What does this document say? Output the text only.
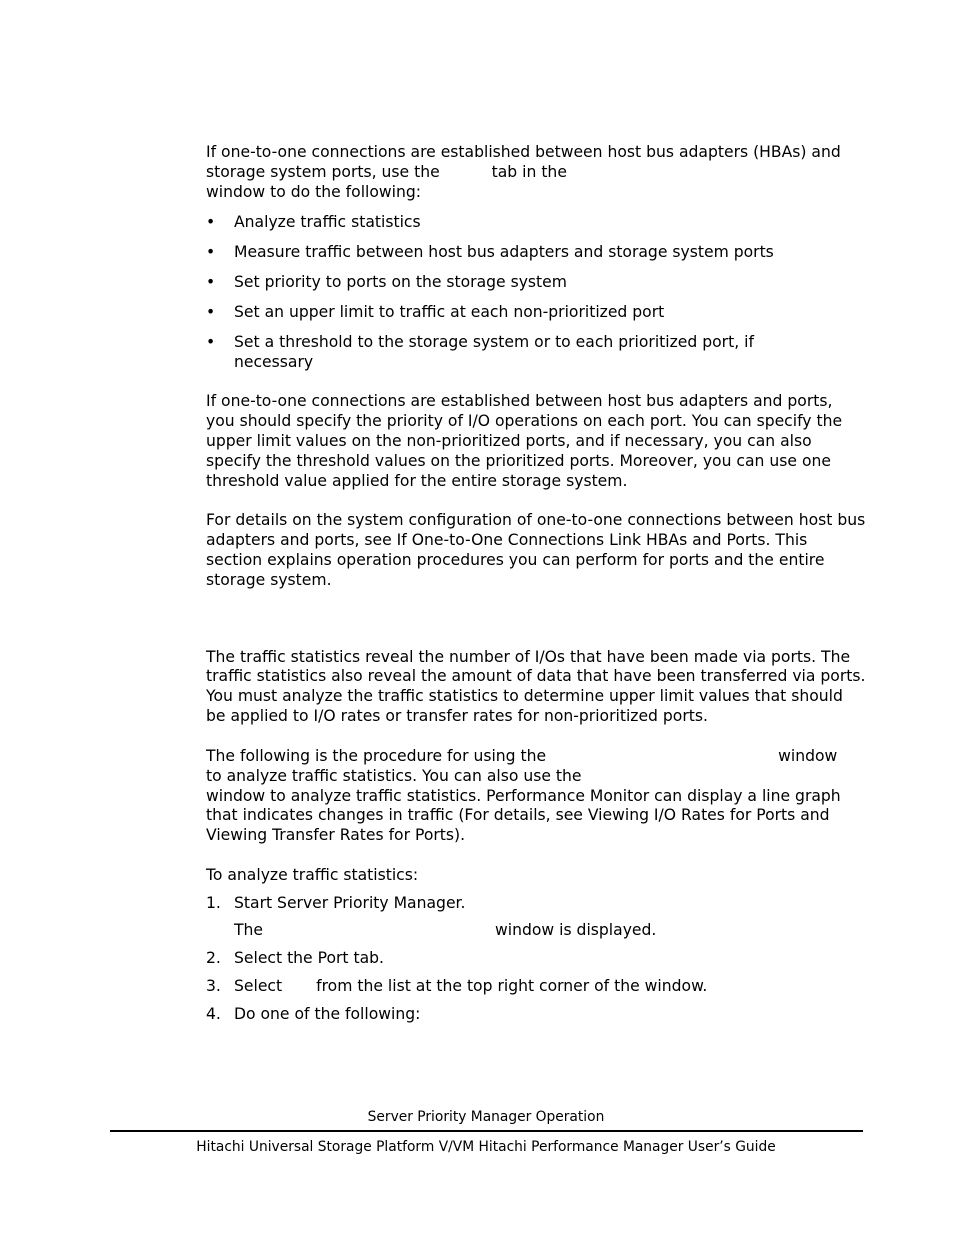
If one-to-one connections are established between host bus adapters (HBAs) and storage system ports, use the	tab in the
window to do the following:

• Analyze traffic statistics
• Measure traffic between host bus adapters and storage system ports
• Set priority to ports on the storage system
• Set an upper limit to traffic at each non-prioritized port
• Set a threshold to the storage system or to each prioritized port, if necessary

If one-to-one connections are established between host bus adapters and ports, you should specify the priority of I/O operations on each port. You can specify the upper limit values on the non-prioritized ports, and if necessary, you can also specify the threshold values on the prioritized ports. Moreover, you can use one threshold value applied for the entire storage system.

For details on the system configuration of one-to-one connections between host bus adapters and ports, see If One-to-One Connections Link HBAs and Ports. This section explains operation procedures you can perform for ports and the entire storage system.

The traffic statistics reveal the number of I/Os that have been made via ports. The traffic statistics also reveal the amount of data that have been transferred via ports. You must analyze the traffic statistics to determine upper limit values that should be applied to I/O rates or transfer rates for non-prioritized ports.

The following is the procedure for using the	window
to analyze traffic statistics. You can also use the
window to analyze traffic statistics. Performance Monitor can display a line graph that indicates changes in traffic (For details, see Viewing I/O Rates for Ports and Viewing Transfer Rates for Ports).

To analyze traffic statistics:

1. Start Server Priority Manager.
The	window is displayed.
2. Select the Port tab.
3. Select from the list at the top right corner of the window.
4. Do one of the following:
Server Priority Manager Operation
Hitachi Universal Storage Platform V/VM Hitachi Performance Manager User’s Guide
